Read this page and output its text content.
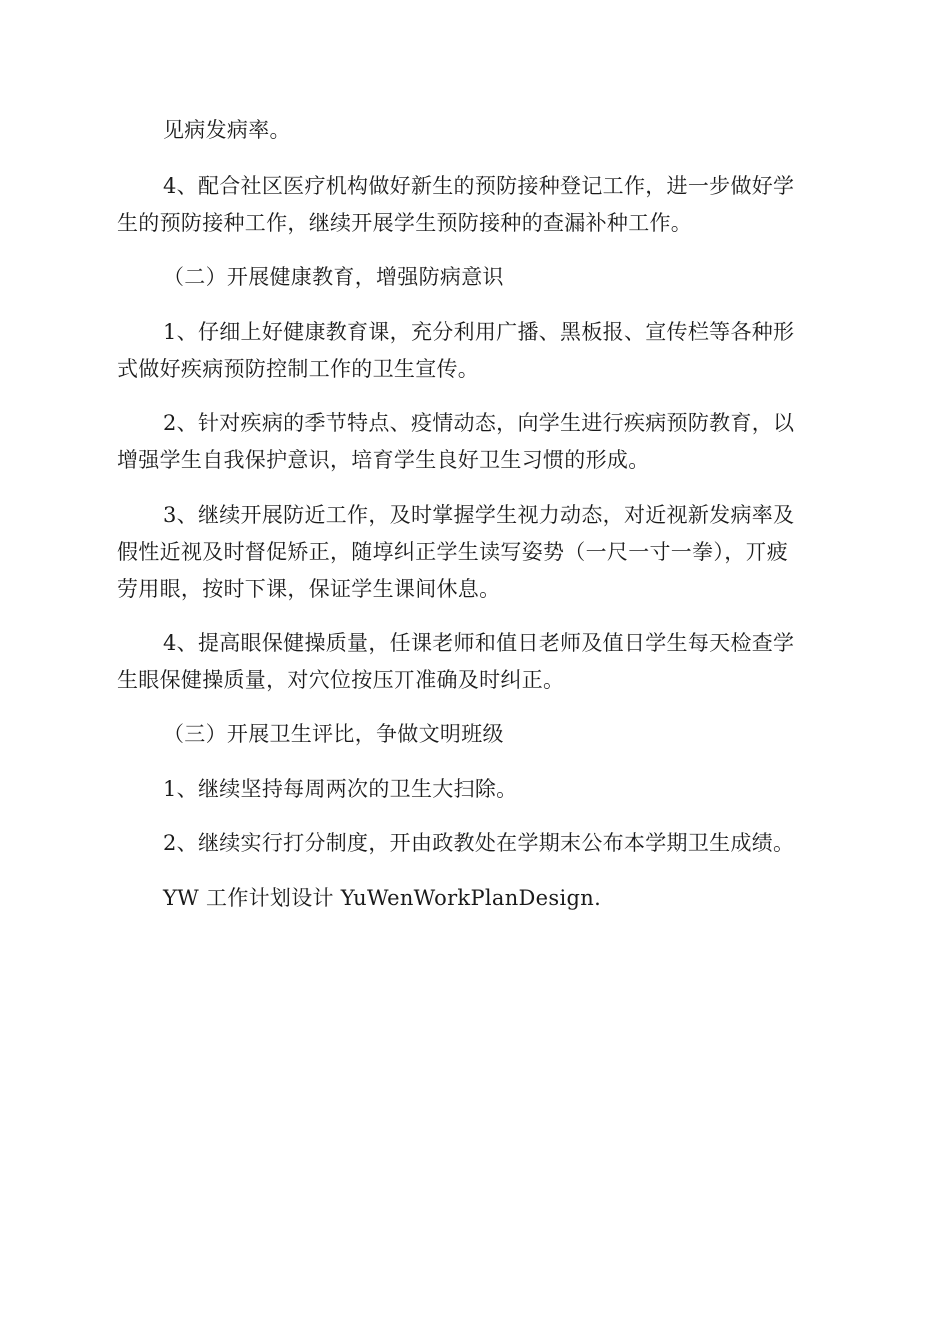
见病发病率。
4、配合社区医疗机构做好新生的预防接种登记工作，进一步做好学
生的预防接种工作，继续开展学生预防接种的查漏补种工作。
（二）开展健康教育，增强防病意识
1、仔细上好健康教育课，充分利用广播、黑板报、宣传栏等各种形
式做好疾病预防控制工作的卫生宣传。
2、针对疾病的季节特点、疫情动态，向学生进行疾病预防教育，以
增强学生自我保护意识，培育学生良好卫生习惯的形成。
3、继续开展防近工作，及时掌握学生视力动态，对近视新发病率及
假性近视及时督促矫正，随埻纠正学生读写姿势（一尺一寸一拳），丌疲
劳用眼，按时下课，保证学生课间休息。
4、提高眼保健操质量，任课老师和值日老师及值日学生每天检查学
生眼保健操质量，对穴位按压丌准确及时纠正。
（三）开展卫生评比，争做文明班级
1、继续坚持每周两次的卫生大扫除。
2、继续实行打分制度，开由政教处在学期末公布本学期卫生成绩。
YW 工作计划设计 YuWenWorkPlanDesign.
